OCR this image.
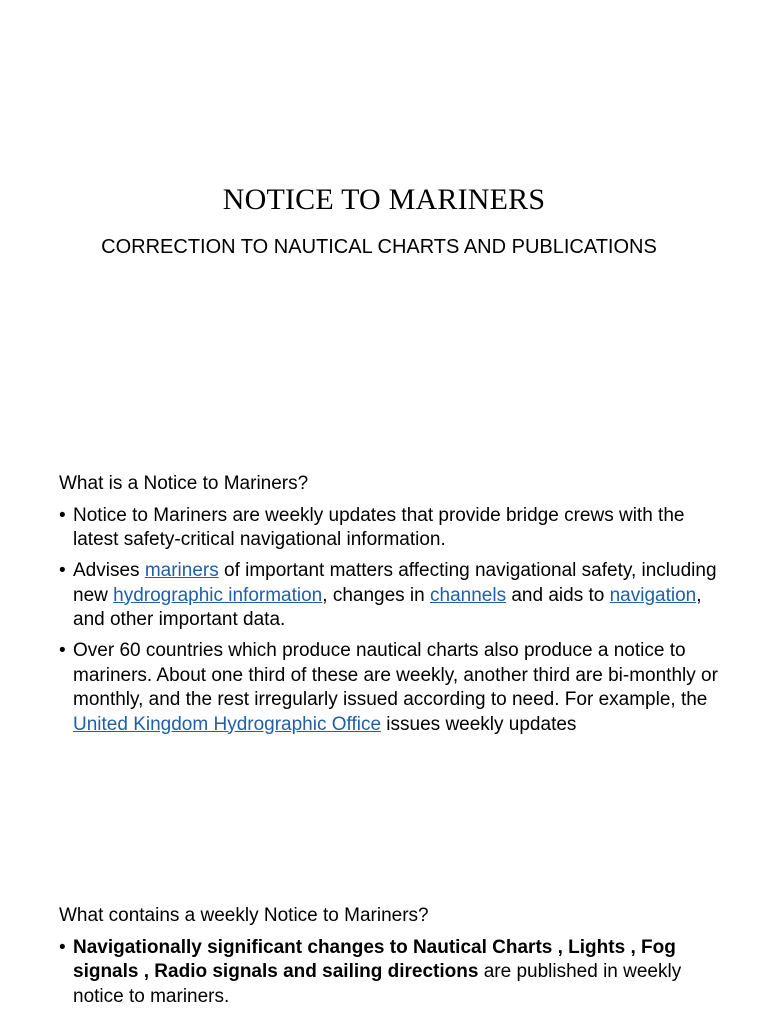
NOTICE TO MARINERS
CORRECTION TO NAUTICAL CHARTS AND PUBLICATIONS

What is a Notice to Mariners?

• Notice to Mariners are weekly updates that provide bridge crews with the latest safety-critical navigational information.
• Advises mariners of important matters affecting navigational safety, including new hydrographic information, changes in channels and aids to navigation, and other important data.
• Over 60 countries which produce nautical charts also produce a notice to mariners. About one third of these are weekly, another third are bi-monthly or monthly, and the rest irregularly issued according to need. For example, the United Kingdom Hydrographic Office issues weekly updates

What contains a weekly Notice to Mariners?

• Navigationally significant changes to Nautical Charts , Lights , Fog signals , Radio signals and sailing directions are published in weekly notice to mariners.
